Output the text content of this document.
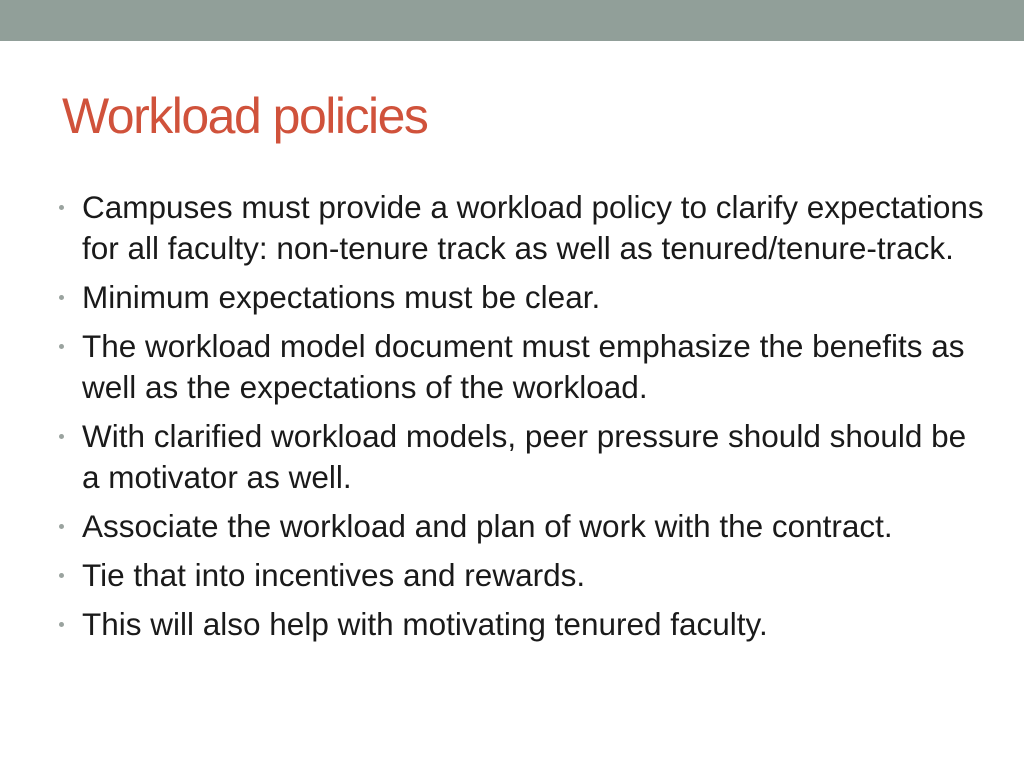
Workload policies
Campuses must provide a workload policy to clarify expectations for all faculty: non-tenure track as well as tenured/tenure-track.
Minimum expectations must be clear.
The workload model document must emphasize the benefits as well as the expectations of the workload.
With clarified workload models, peer pressure should should be a motivator as well.
Associate the workload and plan of work with the contract.
Tie that into incentives and rewards.
This will also help with motivating tenured faculty.
